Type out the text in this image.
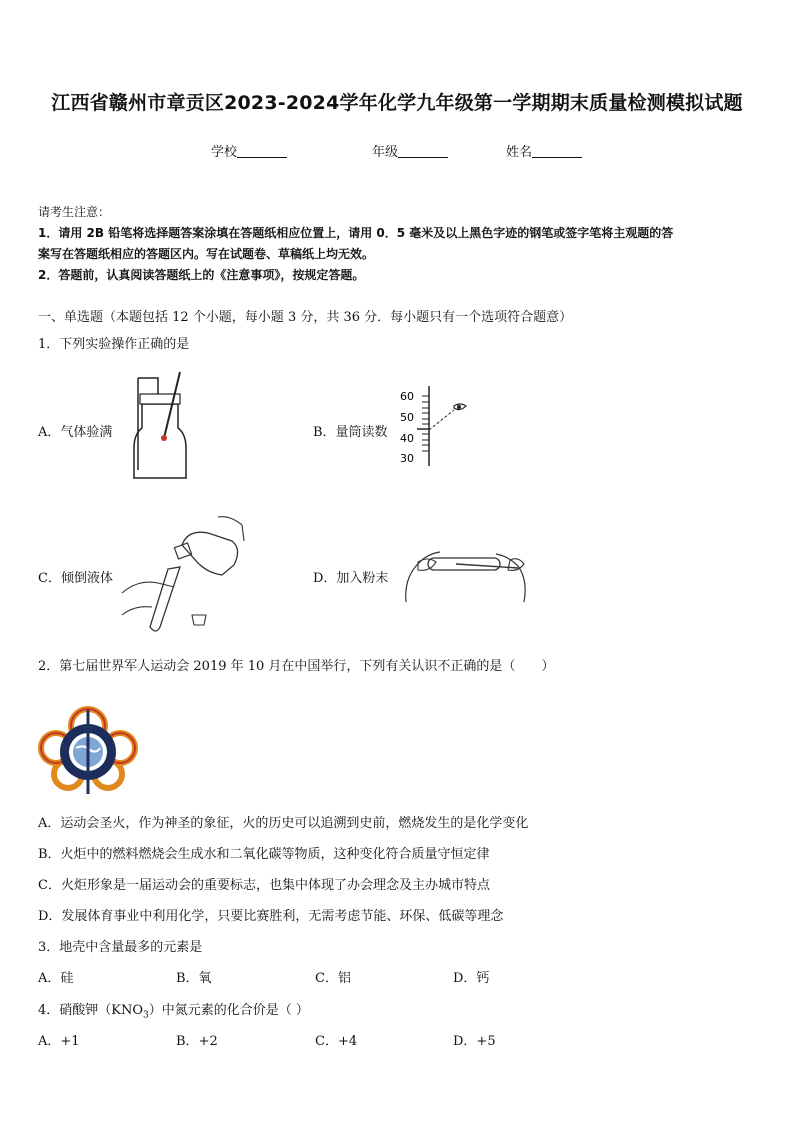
江西省赣州市章贡区2023-2024学年化学九年级第一学期期末质量检测模拟试题
学校	年级	姓名
请考生注意：
1．请用 2B 铅笔将选择题答案涂填在答题纸相应位置上，请用 0．5 毫米及以上黑色字迹的钢笔或签字笔将主观题的答
案写在答题纸相应的答题区内。写在试题卷、草稿纸上均无效。
2．答题前，认真阅读答题纸上的《注意事项》，按规定答题。
一、单选题（本题包括 12 个小题，每小题 3 分，共 36 分．每小题只有一个选项符合题意）
1．下列实验操作正确的是
A．气体验满	B．量筒读数
60
50
40
30
C．倾倒液体	D．加入粉末
2．第七届世界军人运动会 2019 年 10 月在中国举行，下列有关认识不正确的是（　　）
A．运动会圣火，作为神圣的象征，火的历史可以追溯到史前，燃烧发生的是化学变化
B．火炬中的燃料燃烧会生成水和二氧化碳等物质，这种变化符合质量守恒定律
C．火炬形象是一届运动会的重要标志，也集中体现了办会理念及主办城市特点
D．发展体育事业中利用化学，只要比赛胜利，无需考虑节能、环保、低碳等理念
3．地壳中含量最多的元素是
A．硅	B．氧	C．铝	D．钙
4．硝酸钾$(KNO_3)$中氮元素的化合价是（ ）
A．+1	B．+2	C．+4	D．+5
